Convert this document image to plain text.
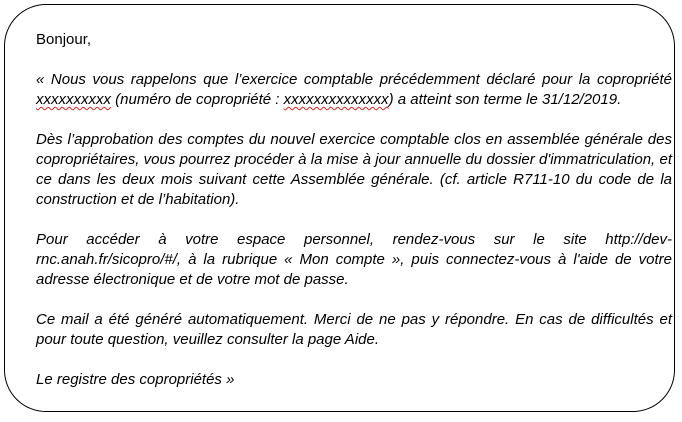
Bonjour,

« Nous vous rappelons que l’exercice comptable précédemment déclaré pour la copropriété xxxxxxxxxx (numéro de copropriété : xxxxxxxxxxxxxx) a atteint son terme le 31/12/2019.

Dès l’approbation des comptes du nouvel exercice comptable clos en assemblée générale des copropriétaires, vous pourrez procéder à la mise à jour annuelle du dossier d'immatriculation, et ce dans les deux mois suivant cette Assemblée générale. (cf. article R711-10 du code de la construction et de l’habitation).

Pour accéder à votre espace personnel, rendez-vous sur le site http://dev-rnc.anah.fr/sicopro/#/, à la rubrique « Mon compte », puis connectez-vous à l'aide de votre adresse électronique et de votre mot de passe.

Ce mail a été généré automatiquement. Merci de ne pas y répondre. En cas de difficultés et pour toute question, veuillez consulter la page Aide.

Le registre des copropriétés »
